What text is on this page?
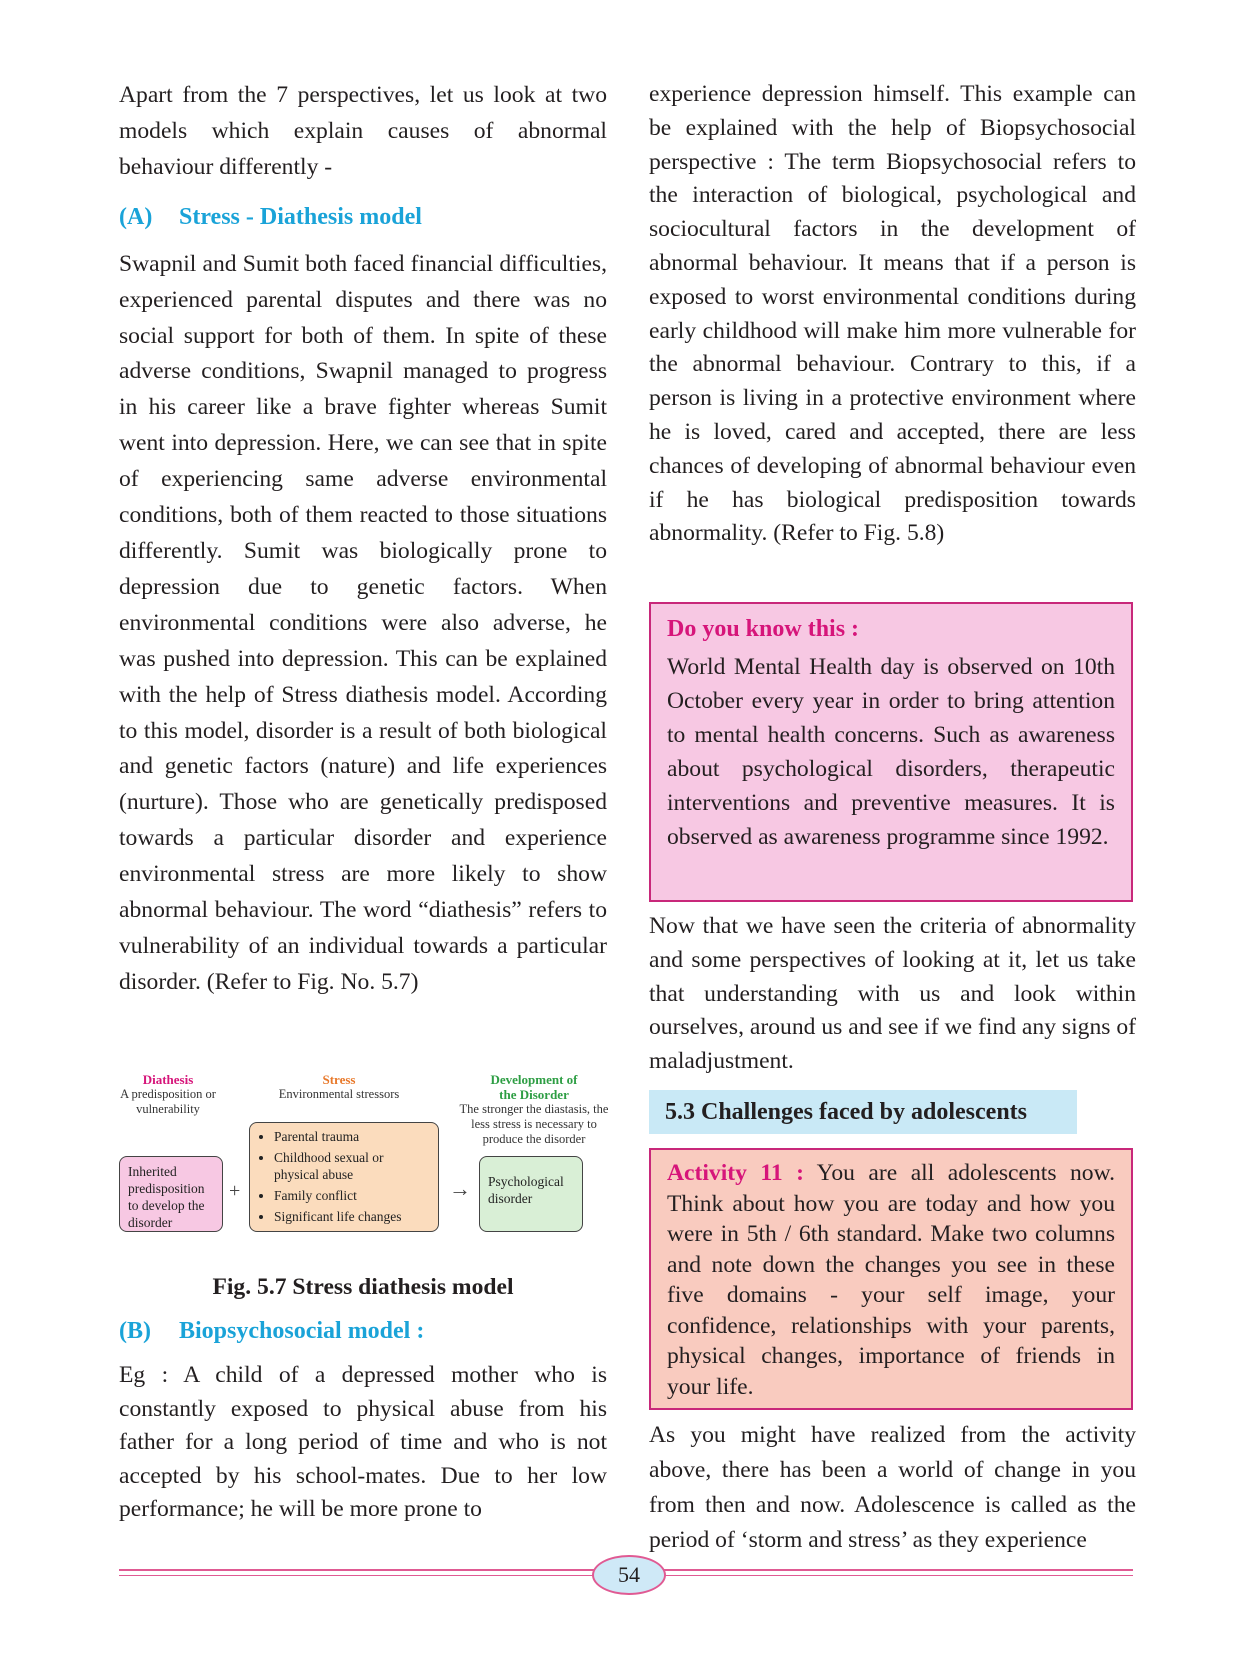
Apart from the 7 perspectives, let us look at two models which explain causes of abnormal behaviour differently -

(A) Stress - Diathesis model

Swapnil and Sumit both faced financial difficulties, experienced parental disputes and there was no social support for both of them. In spite of these adverse conditions, Swapnil managed to progress in his career like a brave fighter whereas Sumit went into depression. Here, we can see that in spite of experiencing same adverse environmental conditions, both of them reacted to those situations differently. Sumit was biologically prone to depression due to genetic factors. When environmental conditions were also adverse, he was pushed into depression. This can be explained with the help of Stress diathesis model. According to this model, disorder is a result of both biological and genetic factors (nature) and life experiences (nurture). Those who are genetically predisposed towards a particular disorder and experience environmental stress are more likely to show abnormal behaviour. The word “diathesis” refers to vulnerability of an individual towards a particular disorder. (Refer to Fig. No. 5.7)

Diathesis
A predisposition or vulnerability
Stress
Environmental stressors
Development of
the Disorder
The stronger the diastasis, the less stress is necessary to produce the disorder
Inherited predisposition to develop the disorder
+
• Parental trauma
• Childhood sexual or physical abuse
• Family conflict
• Significant life changes
→	Psychological disorder
Fig. 5.7 Stress diathesis model

(B) Biopsychosocial model :

Eg : A child of a depressed mother who is constantly exposed to physical abuse from his father for a long period of time and who is not accepted by his school-mates. Due to her low performance; he will be more prone to

experience depression himself. This example can be explained with the help of Biopsychosocial perspective : The term Biopsychosocial refers to the interaction of biological, psychological and sociocultural factors in the development of abnormal behaviour. It means that if a person is exposed to worst environmental conditions during early childhood will make him more vulnerable for the abnormal behaviour. Contrary to this, if a person is living in a protective environment where he is loved, cared and accepted, there are less chances of developing of abnormal behaviour even if he has biological predisposition towards abnormality. (Refer to Fig. 5.8)

Do you know this :

World Mental Health day is observed on 10th October every year in order to bring attention to mental health concerns. Such as awareness about psychological disorders, therapeutic interventions and preventive measures. It is observed as awareness programme since 1992.

Now that we have seen the criteria of abnormality and some perspectives of looking at it, let us take that understanding with us and look within ourselves, around us and see if we find any signs of maladjustment.

5.3 Challenges faced by adolescents

Activity 11 : You are all adolescents now. Think about how you are today and how you were in 5th / 6th standard. Make two columns and note down the changes you see in these five domains - your self image, your confidence, relationships with your parents, physical changes, importance of friends in your life.

As you might have realized from the activity above, there has been a world of change in you from then and now. Adolescence is called as the period of ‘storm and stress’ as they experience

54
